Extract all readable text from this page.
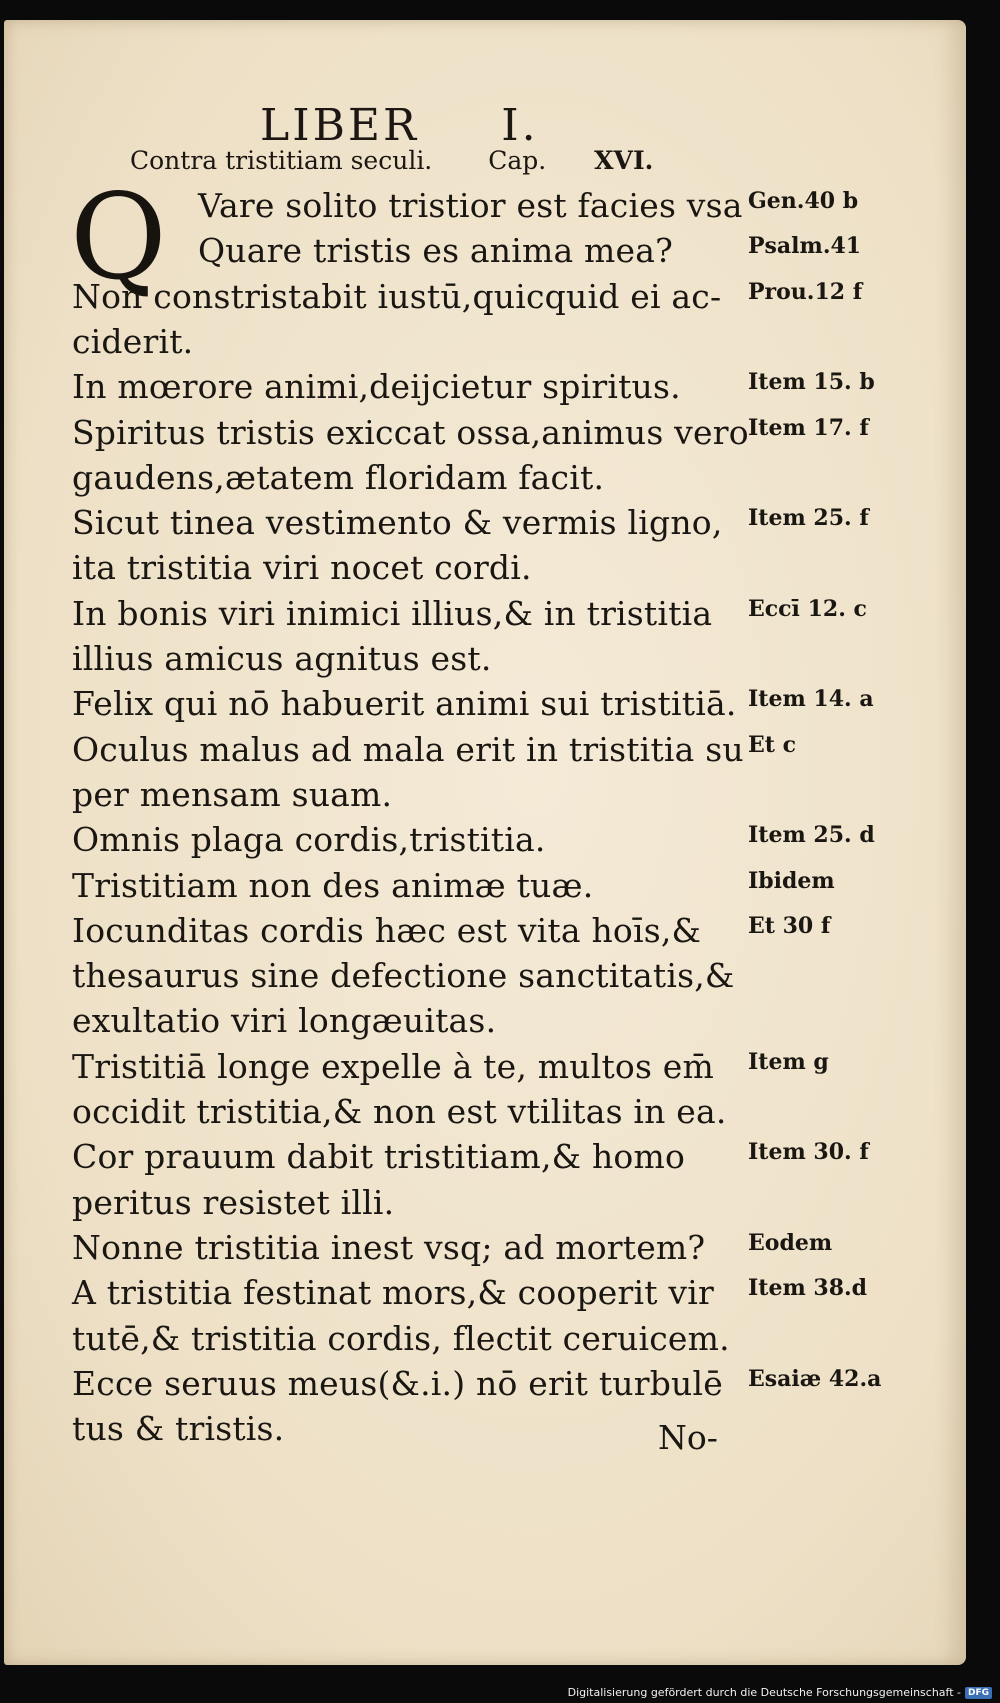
LIBER I.
Contra tristitiam seculi. Cap. XVI.
Q Vare solito tristior est facies vsa
Quare tristis es anima mea?
Non constristabit iustū,quicquid ei ac-
ciderit.
In mœrore animi,deijcietur spiritus.
Spiritus tristis exiccat ossa,animus vero
gaudens,ætatem floridam facit.
Sicut tinea vestimento & vermis ligno,
ita tristitia viri nocet cordi.
In bonis viri inimici illius,& in tristitia
illius amicus agnitus est.
Felix qui nō habuerit animi sui tristitiā.
Oculus malus ad mala erit in tristitia su
per mensam suam.
Omnis plaga cordis,tristitia.
Tristitiam non des animæ tuæ.
Iocunditas cordis hæc est vita hoīs,&
thesaurus sine defectione sanctitatis,&
exultatio viri longæuitas.
Tristitiā longe expelle à te, multos em̄
occidit tristitia,& non est vtilitas in ea.
Cor prauum dabit tristitiam,& homo
peritus resistet illi.
Nonne tristitia inest vsq; ad mortem?
A tristitia festinat mors,& cooperit vir
tutē,& tristitia cordis, flectit ceruicem.
Ecce seruus meus(&.i.) nō erit turbulē
tus & tristis.
Gen.40 b
Psalm.41
Prou.12 f
Item 15. b
Item 17. f
Item 25. f
Eccī 12. c
Item 14. a
Et c
Item 25. d
Ibidem
Et 30 f
Item g
Item 30. f
Eodem
Item 38.d
Esaiæ 42.a
No-
Digitalisierung gefördert durch die Deutsche Forschungsgemeinschaft - DFG
